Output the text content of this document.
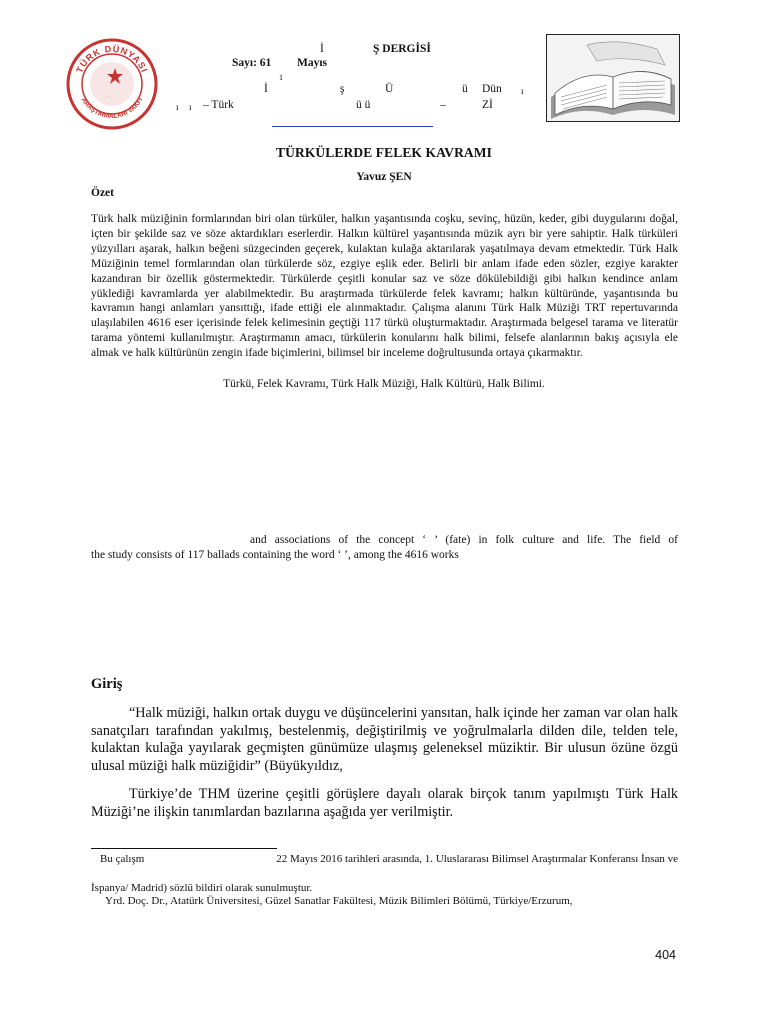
TÜRK DÜNYASI
ARAŞTIRMALARI VAKFI
İ	Ş DERGİSİ
Sayı: 61 Mayıs
1
İ	ş	Ü	ü Dün ı
ı ı – Türk	ü ü	–	Zİ
TÜRKÜLERDE FELEK KAVRAMI
Yavuz ŞEN
Özet
Türk halk müziğinin formlarından biri olan türküler, halkın yaşantısında coşku, sevinç, hüzün, keder, gibi duygularını doğal, içten bir şekilde saz ve söze aktardıkları eserlerdir. Halkın kültürel yaşantısında müzik ayrı bir yere sahiptir. Halk türküleri yüzyılları aşarak, halkın beğeni süzgecinden geçerek, kulaktan kulağa aktarılarak yaşatılmaya devam etmektedir. Türk Halk Müziğinin temel formlarından olan türkülerde söz, ezgiye eşlik eder. Belirli bir anlam ifade eden sözler, ezgiye karakter kazandıran bir özellik göstermektedir. Türkülerde çeşitli konular saz ve söze dökülebildiği gibi halkın kendince anlam yüklediği kavramlarda yer alabilmektedir. Bu araştırmada türkülerde felek kavramı; halkın kültüründe, yaşantısında bu kavramın hangi anlamları yansıttığı, ifade ettiği ele alınmaktadır. Çalışma alanını Türk Halk Müziği TRT repertuvarında ulaşılabilen 4616 eser içerisinde felek kelimesinin geçtiği 117 türkü oluşturmaktadır. Araştırmada belgesel tarama ve literatür tarama yöntemi kullanılmıştır. Araştırmanın amacı, türkülerin konularını halk bilimi, felsefe alanlarının bakış açısıyla ele almak ve halk kültürünün zengin ifade biçimlerini, bilimsel bir inceleme doğrultusunda ortaya çıkarmaktır.
Türkü, Felek Kavramı, Türk Halk Müziği, Halk Kültürü, Halk Bilimi.
and associations of the concept ‘ ’ (fate) in folk culture and life. The field of
the study consists of 117 ballads containing the word ‘ ’, among the 4616 works
Giriş
“Halk müziği, halkın ortak duygu ve düşüncelerini yansıtan, halk içinde her zaman var olan halk sanatçıları tarafından yakılmış, bestelenmiş, değiştirilmiş ve yoğrulmalarla dilden dile, telden tele, kulaktan kulağa yayılarak geçmişten günümüze ulaşmış geleneksel müziktir. Bir ulusun özüne özgü ulusal müziği halk müziğidir” (Büyükyıldız,
Türkiye’de THM üzerine çeşitli görüşlere dayalı olarak birçok tanım yapılmıştı Türk Halk Müziği’ne ilişkin tanımlardan bazılarına aşağıda yer verilmiştir.
Bu çalışm	22 Mayıs 2016 tarihleri arasında, 1. Uluslararası Bilimsel Araştırmalar Konferansı İnsan ve
İspanya/ Madrid) sözlü bildiri olarak sunulmuştur.
Yrd. Doç. Dr., Atatürk Üniversitesi, Güzel Sanatlar Fakültesi, Müzik Bilimleri Bölümü, Türkiye/Erzurum,
404
